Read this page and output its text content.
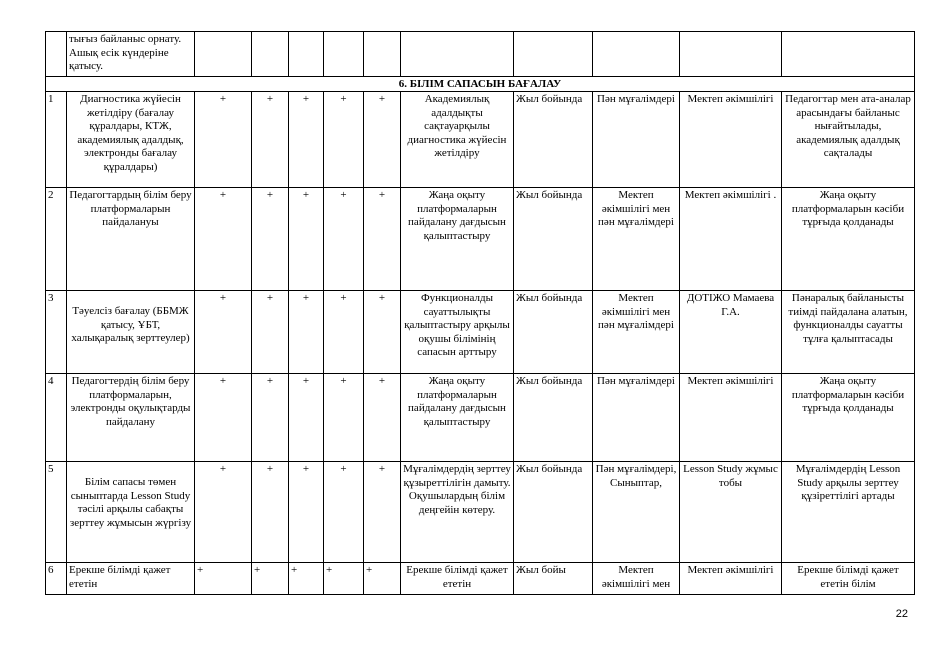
	тығыз байланыс орнату. Ашық есік күндеріне қатысу.										
6. БІЛІМ САПАСЫН БАҒАЛАУ											
1	Диагностика жүйесін жетілдіру (бағалау құралдары, КТЖ, академиялық адалдық, электронды бағалау құралдары)	+	+	+	+	+	Академиялық адалдықты сақтауарқылы диагностика жүйесін жетілдіру	Жыл бойында	Пән мұғалімдері	Мектеп әкімшілігі	Педагогтар мен ата-аналар арасындағы байланыс нығайтылады, академиялық адалдық сақталады
2	Педагогтардың білім беру платформаларын пайдалануы	+	+	+	+	+	Жаңа оқыту платформаларын пайдалану дағдысын қалыптастыру	Жыл бойында	Мектеп әкімшілігі мен пән мұғалімдері	Мектеп әкімшілігі .	Жаңа оқыту платформаларын кәсіби тұрғыда қолданады
3	Тәуелсіз бағалау (ББМЖ қатысу, ҰБТ, халықаралық зерттеулер)	+	+	+	+	+	Функционалды сауаттылықты қалыптастыру арқылы оқушы білімінің сапасын арттыру	Жыл бойында	Мектеп әкімшілігі мен пән мұғалімдері	ДОТІЖО Мамаева Г.А.	Пәнаралық байланысты тиімді пайдалана алатын, функционалды сауатты тұлға қалыптасады
4	Педагогтердің білім беру платформаларын, электронды оқулықтарды пайдалану	+	+	+	+	+	Жаңа оқыту платформаларын пайдалану дағдысын қалыптастыру	Жыл бойында	Пән мұғалімдері	Мектеп әкімшілігі	Жаңа оқыту платформаларын кәсіби тұрғыда қолданады
5	Білім сапасы төмен сыныптарда Lesson Study тәсілі арқылы сабақты зерттеу жұмысын жүргізу	+	+	+	+	+	Мұғалімдердің зерттеу құзыреттілігін дамыту. Оқушылардың білім деңгейін көтеру.	Жыл бойында	Пән мұғалімдері, Сыныптар,	Lesson Study жұмыс тобы	Мұғалімдердің Lesson Study арқылы зерттеу құзіреттілігі артады
6	Ерекше білімді қажет ететін	+	+	+	+	+	Ерекше білімді қажет ететін	Жыл бойы	Мектеп әкімшілігі мен	Мектеп әкімшілігі	Ерекше білімді қажет ететін білім
22
